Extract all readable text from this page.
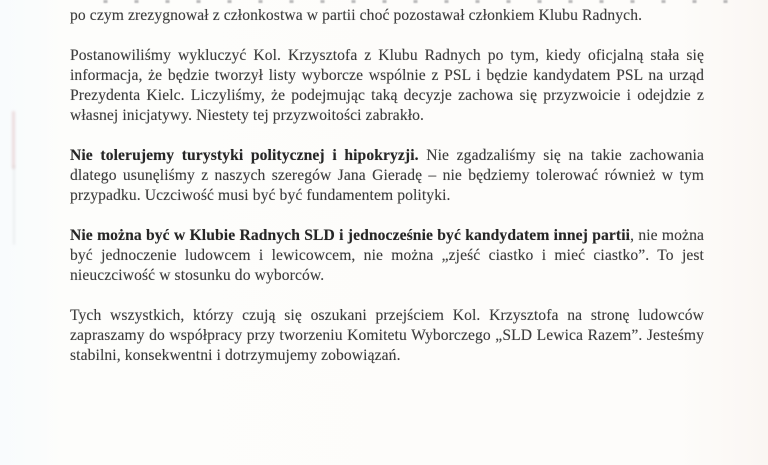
po czym zrezygnował z członkostwa w partii choć pozostawał członkiem Klubu Radnych.

Postanowiliśmy wykluczyć Kol. Krzysztofa z Klubu Radnych po tym, kiedy oficjalną stała się informacja, że będzie tworzył listy wyborcze wspólnie z PSL i będzie kandydatem PSL na urząd Prezydenta Kielc. Liczyliśmy, że podejmując taką decyzje zachowa się przyzwoicie i odejdzie z własnej inicjatywy. Niestety tej przyzwoitości zabrakło.

Nie tolerujemy turystyki politycznej i hipokryzji. Nie zgadzaliśmy się na takie zachowania dlatego usunęliśmy z naszych szeregów Jana Gieradę – nie będziemy tolerować również w tym przypadku. Uczciwość musi być być fundamentem polityki.

Nie można być w Klubie Radnych SLD i jednocześnie być kandydatem innej partii, nie można być jednoczenie ludowcem i lewicowcem, nie można „zjeść ciastko i mieć ciastko”. To jest nieuczciwość w stosunku do wyborców.

Tych wszystkich, którzy czują się oszukani przejściem Kol. Krzysztofa na stronę ludowców zapraszamy do współpracy przy tworzeniu Komitetu Wyborczego „SLD Lewica Razem”. Jesteśmy stabilni, konsekwentni i dotrzymujemy zobowiązań.
